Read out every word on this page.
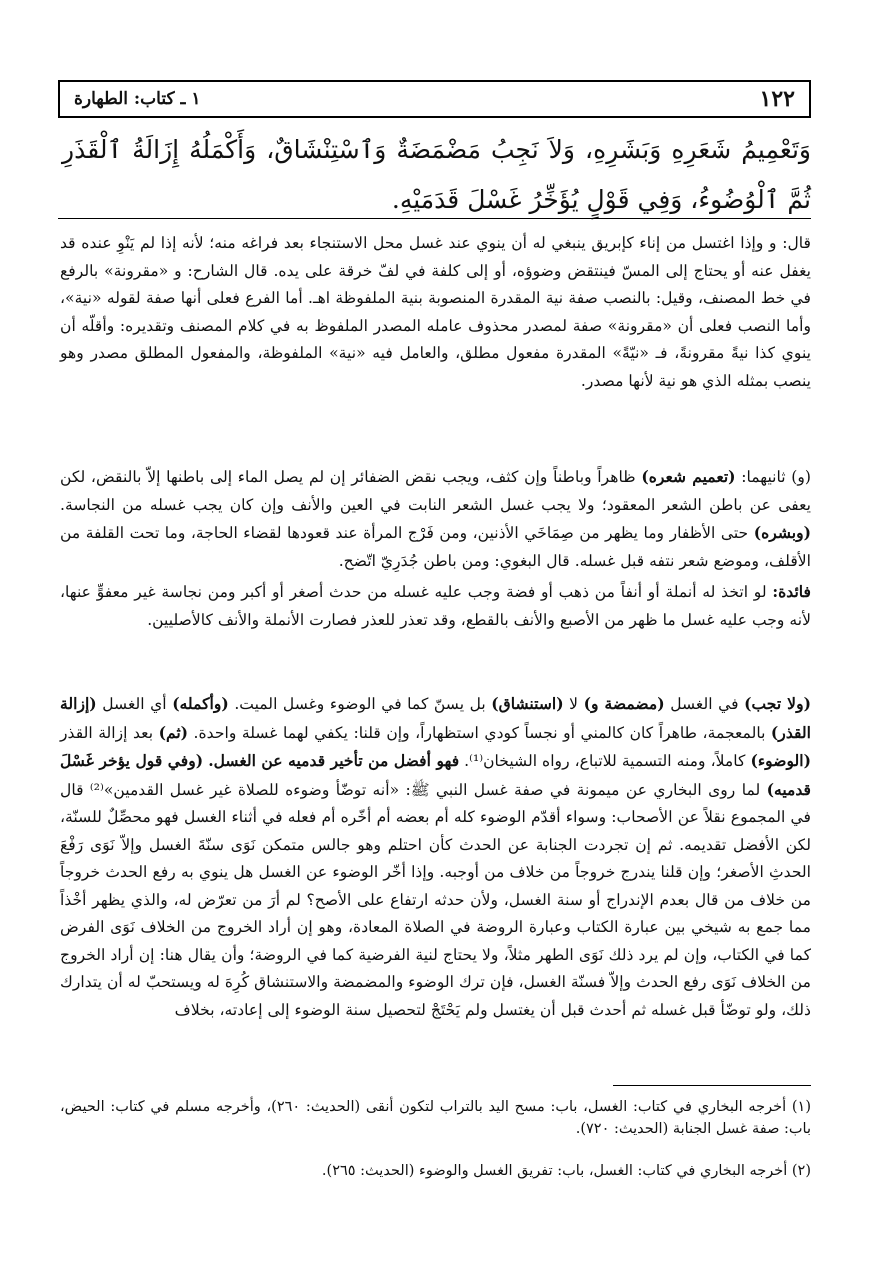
١٢٢
١ ـ كتاب: الطهارة
وَتَعْمِيمُ شَعَرِهِ وَبَشَرِهِ، وَلاَ نَجِبُ مَضْمَضَةٌ وَٱسْتِنْشَاقٌ، وَأَكْمَلُهُ إِزَالَةُ ٱلْقَذَرِ ثُمَّ ٱلْوُضُوءُ، وَفِي قَوْلٍ يُؤَخِّرُ غَسْلَ قَدَمَيْهِ.

قال: و وإذا اغتسل من إناء كإبريق ينبغي له أن ينوي عند غسل محل الاستنجاء بعد فراغه منه؛ لأنه إذا لم يَنْوِ عنده قد يغفل عنه أو يحتاج إلى المسّ فينتقض وضوؤه، أو إلى كلفة في لفّ خرقة على يده. قال الشارح: و «مقرونة» بالرفع في خط المصنف، وقيل: بالنصب صفة نية المقدرة المنصوبة بنية الملفوظة اهـ. أما الفرع فعلى أنها صفة لقوله «نية»، وأما النصب فعلى أن «مقرونة» صفة لمصدر محذوف عامله المصدر الملفوظ به في كلام المصنف وتقديره: وأقلّه أن ينوي كذا نيةً مقرونةً، فـ «نيّةً» المقدرة مفعول مطلق، والعامل فيه «نية» الملفوظة، والمفعول المطلق مصدر وهو ينصب بمثله الذي هو نية لأنها مصدر.

(و) ثانيهما: (تعميم شعره) ظاهراً وباطناً وإن كثف، ويجب نقض الضفائر إن لم يصل الماء إلى باطنها إلاّ بالنقض، لكن يعفى عن باطن الشعر المعقود؛ ولا يجب غسل الشعر النابت في العين والأنف وإن كان يجب غسله من النجاسة. (وبشره) حتى الأظفار وما يظهر من صِمَاخَي الأذنين، ومن فَرْج المرأة عند قعودها لقضاء الحاجة، وما تحت القلفة من الأقلف، وموضع شعر نتفه قبل غسله. قال البغوي: ومن باطن جُدَرِيّ اتّضح.

فائدة: لو اتخذ له أنملة أو أنفاً من ذهب أو فضة وجب عليه غسله من حدث أصغر أو أكبر ومن نجاسة غير معفوٍّ عنها، لأنه وجب عليه غسل ما ظهر من الأصبع والأنف بالقطع، وقد تعذر للعذر فصارت الأنملة والأنف كالأصليين.

(ولا تجب) في الغسل (مضمضة و) لا (استنشاق) بل يسنّ كما في الوضوء وغسل الميت. (وأكمله) أي الغسل (إزالة القذر) بالمعجمة، طاهراً كان كالمني أو نجساً كودي استظهاراً، وإن قلنا: يكفي لهما غسلة واحدة. (ثم) بعد إزالة القذر (الوضوء) كاملاً، ومنه التسمية للاتباع، رواه الشيخان⁽¹⁾. فهو أفضل من تأخير قدميه عن الغسل. (وفي قول يؤخر غَسْلَ قدميه) لما روى البخاري عن ميمونة في صفة غسل النبي ﷺ: «أنه توضّأ وضوءه للصلاة غير غسل القدمين»⁽²⁾ قال في المجموع نقلاً عن الأصحاب: وسواء أقدّم الوضوء كله أم بعضه أم أخّره أم فعله في أثناء الغسل فهو محصِّلٌ للسنّة، لكن الأفضل تقديمه. ثم إن تجردت الجنابة عن الحدث كأن احتلم وهو جالس متمكن نَوَى سنّةَ الغسل وإلاّ نَوَى رَفْعَ الحدثِ الأصغر؛ وإن قلنا يندرج خروجاً من خلاف من أوجبه. وإذا أخّر الوضوء عن الغسل هل ينوي به رفع الحدث خروجاً من خلاف من قال بعدم الإندراج أو سنة الغسل، ولأن حدثه ارتفاع على الأصح؟ لم أرَ من تعرّض له، والذي يظهر أخْذاً مما جمع به شيخي بين عبارة الكتاب وعبارة الروضة في الصلاة المعادة، وهو إن أراد الخروج من الخلاف نَوَى الفرض كما في الكتاب، وإن لم يرد ذلك نَوَى الطهر مثلاً، ولا يحتاج لنية الفرضية كما في الروضة؛ وأن يقال هنا: إن أراد الخروج من الخلاف نَوَى رفع الحدث وإلاّ فسنّة الغسل، فإن ترك الوضوء والمضمضة والاستنشاق كُرِهَ له ويستحبّ له أن يتدارك ذلك، ولو توضّأ قبل غسله ثم أحدث قبل أن يغتسل ولم يَحْتَجْ لتحصيل سنة الوضوء إلى إعادته، بخلاف

(١) أخرجه البخاري في كتاب: الغسل، باب: مسح اليد بالتراب لتكون أنقى (الحديث: ٢٦٠)، وأخرجه مسلم في كتاب: الحيض، باب: صفة غسل الجنابة (الحديث: ٧٢٠).
(٢) أخرجه البخاري في كتاب: الغسل، باب: تفريق الغسل والوضوء (الحديث: ٢٦٥).
